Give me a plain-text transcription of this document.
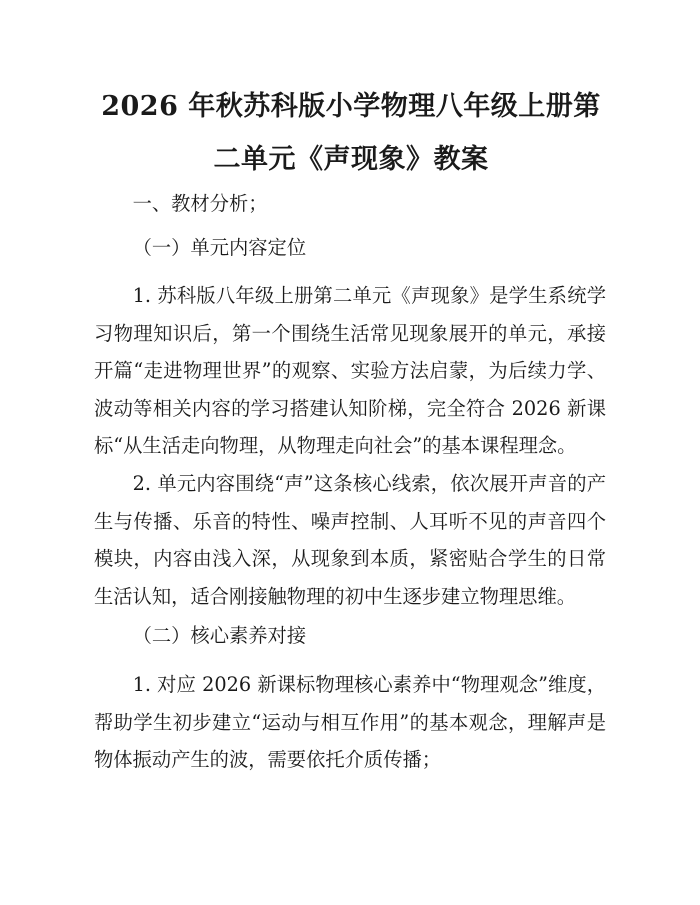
2026 年秋苏科版小学物理八年级上册第二单元《声现象》教案

一、教材分析；

（一）单元内容定位

1. 苏科版八年级上册第二单元《声现象》是学生系统学习物理知识后，第一个围绕生活常见现象展开的单元，承接开篇“走进物理世界”的观察、实验方法启蒙，为后续力学、波动等相关内容的学习搭建认知阶梯，完全符合 2026 新课标“从生活走向物理，从物理走向社会”的基本课程理念。

2. 单元内容围绕“声”这条核心线索，依次展开声音的产生与传播、乐音的特性、噪声控制、人耳听不见的声音四个模块，内容由浅入深，从现象到本质，紧密贴合学生的日常生活认知，适合刚接触物理的初中生逐步建立物理思维。

（二）核心素养对接

1. 对应 2026 新课标物理核心素养中“物理观念”维度，帮助学生初步建立“运动与相互作用”的基本观念，理解声是物体振动产生的波，需要依托介质传播；
